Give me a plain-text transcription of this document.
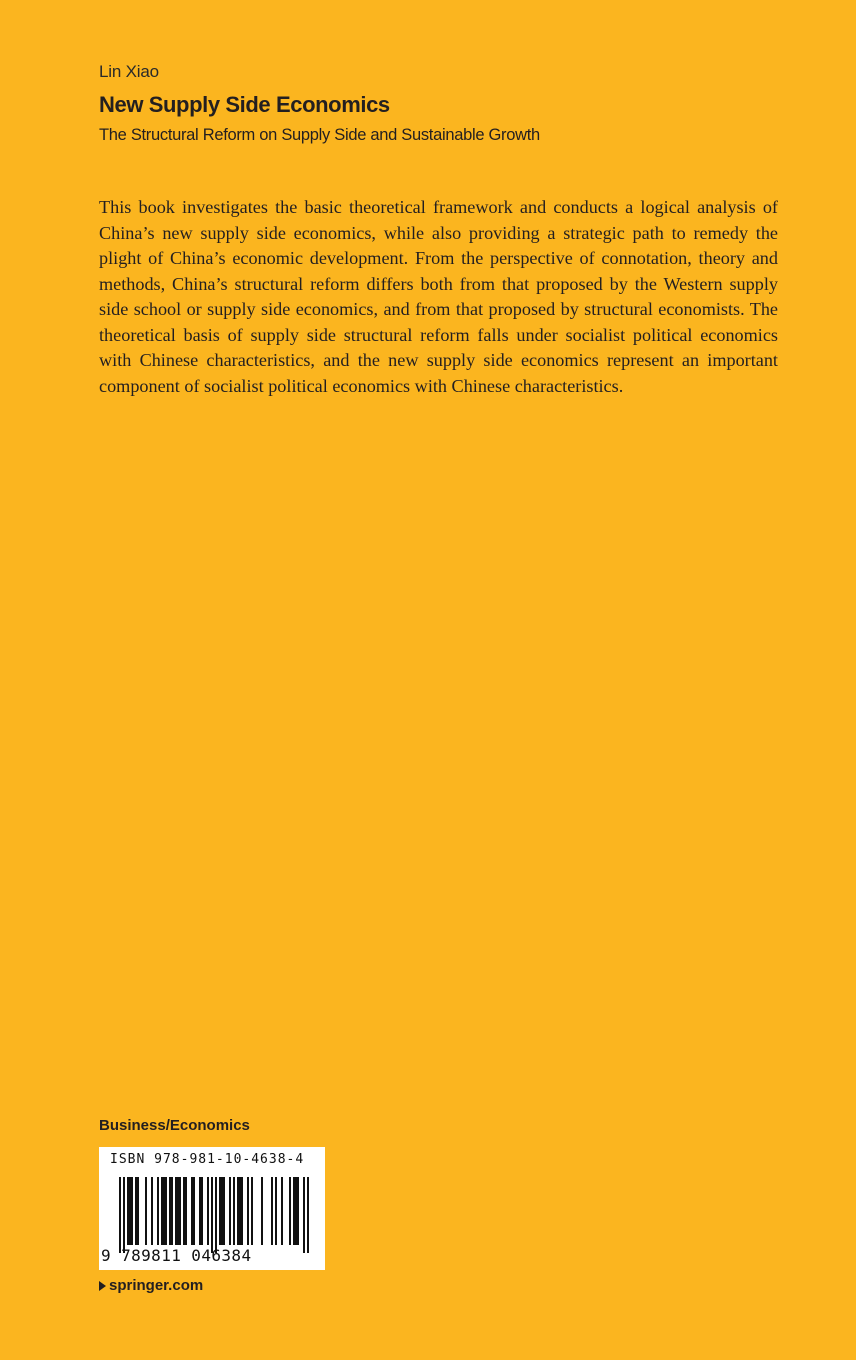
Lin Xiao
New Supply Side Economics
The Structural Reform on Supply Side and Sustainable Growth

This book investigates the basic theoretical framework and conducts a logical analysis of China’s new supply side economics, while also providing a strategic path to remedy the plight of China’s economic development. From the perspective of connotation, theory and methods, China’s structural reform differs both from that proposed by the Western supply side school or supply side economics, and from that proposed by structural economists. The theoretical basis of supply side structural reform falls under socialist political economics with Chinese characteristics, and the new supply side economics represent an important component of socialist political economics with Chinese characteristics.

Business/Economics
ISBN 978-981-10-4638-4
9 789811 046384
springer.com
